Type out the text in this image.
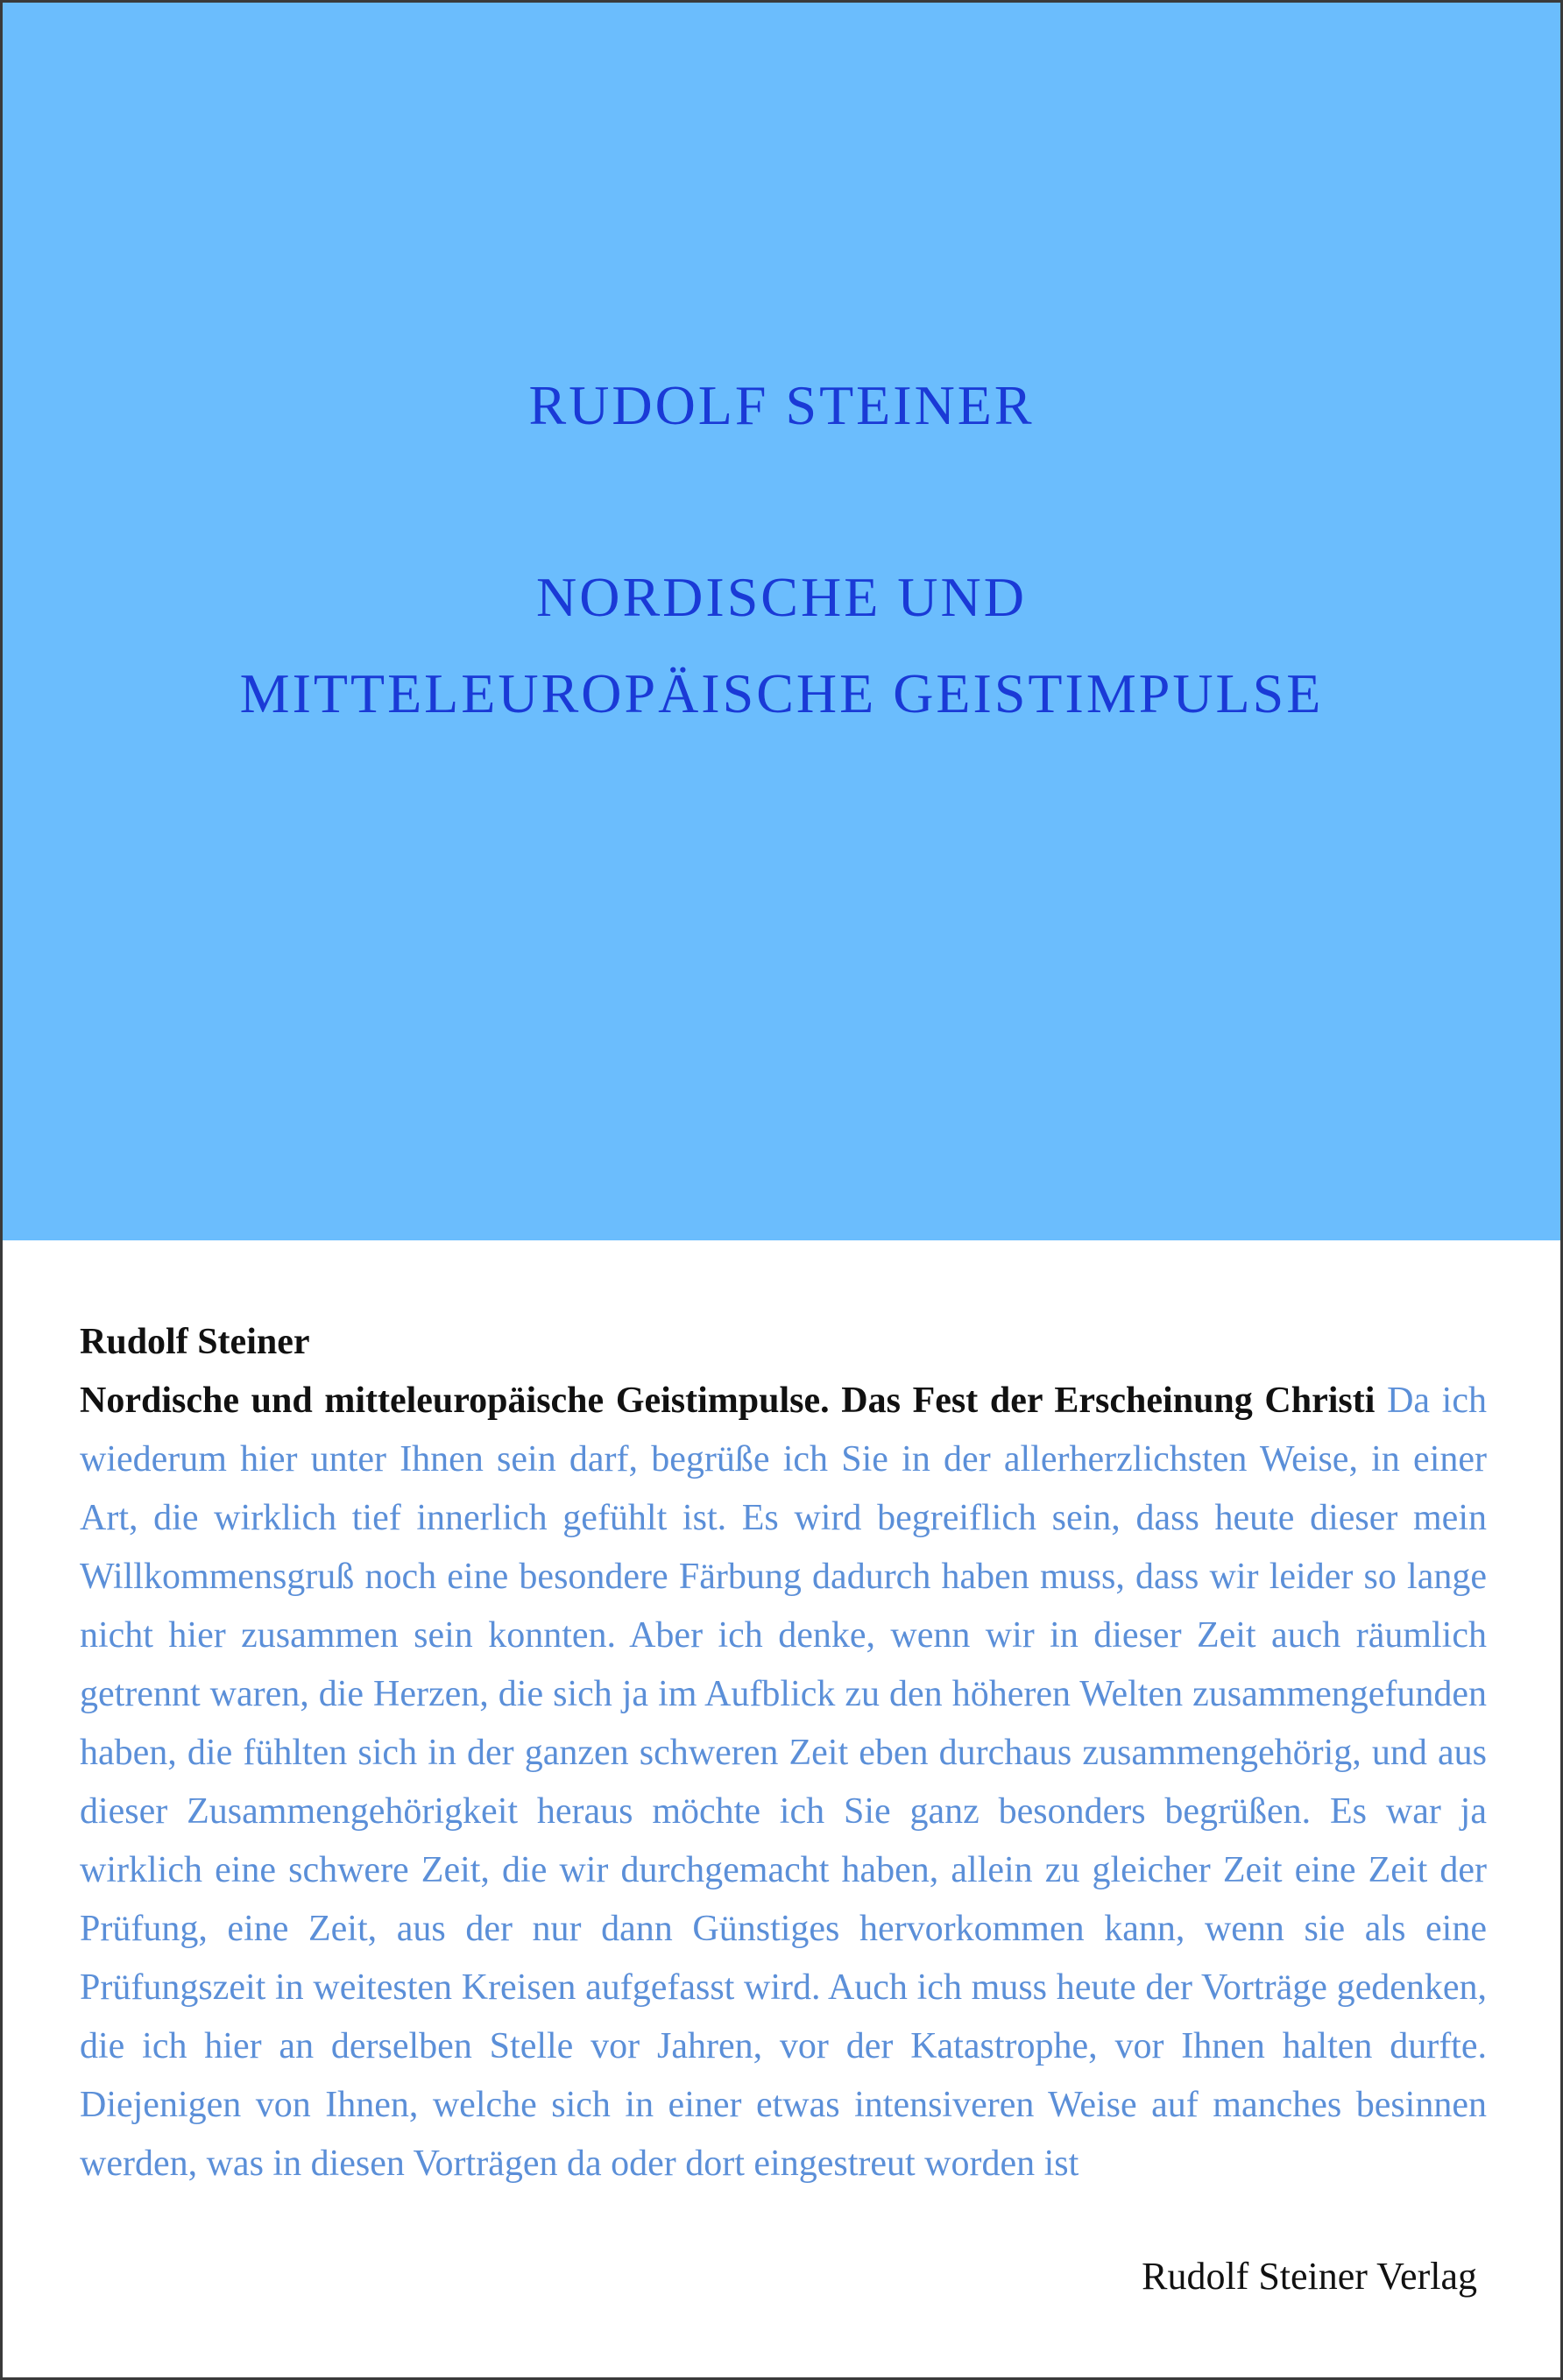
RUDOLF STEINER
NORDISCHE UND
MITTELEUROPÄISCHE GEISTIMPULSE
Rudolf Steiner
Nordische und mitteleuropäische Geistimpulse. Das Fest der Erscheinung Christi Da ich wiederum hier unter Ihnen sein darf, begrüße ich Sie in der allerherzlichsten Weise, in einer Art, die wirklich tief innerlich gefühlt ist. Es wird begreiflich sein, dass heute dieser mein Willkommensgruß noch eine besondere Färbung dadurch haben muss, dass wir leider so lange nicht hier zusammen sein konnten. Aber ich denke, wenn wir in dieser Zeit auch räumlich getrennt waren, die Herzen, die sich ja im Aufblick zu den höheren Welten zusammengefunden haben, die fühlten sich in der ganzen schweren Zeit eben durchaus zusammengehörig, und aus dieser Zusammengehörigkeit heraus möchte ich Sie ganz besonders begrüßen. Es war ja wirklich eine schwere Zeit, die wir durchgemacht haben, allein zu gleicher Zeit eine Zeit der Prüfung, eine Zeit, aus der nur dann Günstiges hervorkommen kann, wenn sie als eine Prüfungszeit in weitesten Kreisen aufgefasst wird. Auch ich muss heute der Vorträge gedenken, die ich hier an derselben Stelle vor Jahren, vor der Katastrophe, vor Ihnen halten durfte. Diejenigen von Ihnen, welche sich in einer etwas intensiveren Weise auf manches besinnen werden, was in diesen Vorträgen da oder dort eingestreut worden ist
Rudolf Steiner Verlag
